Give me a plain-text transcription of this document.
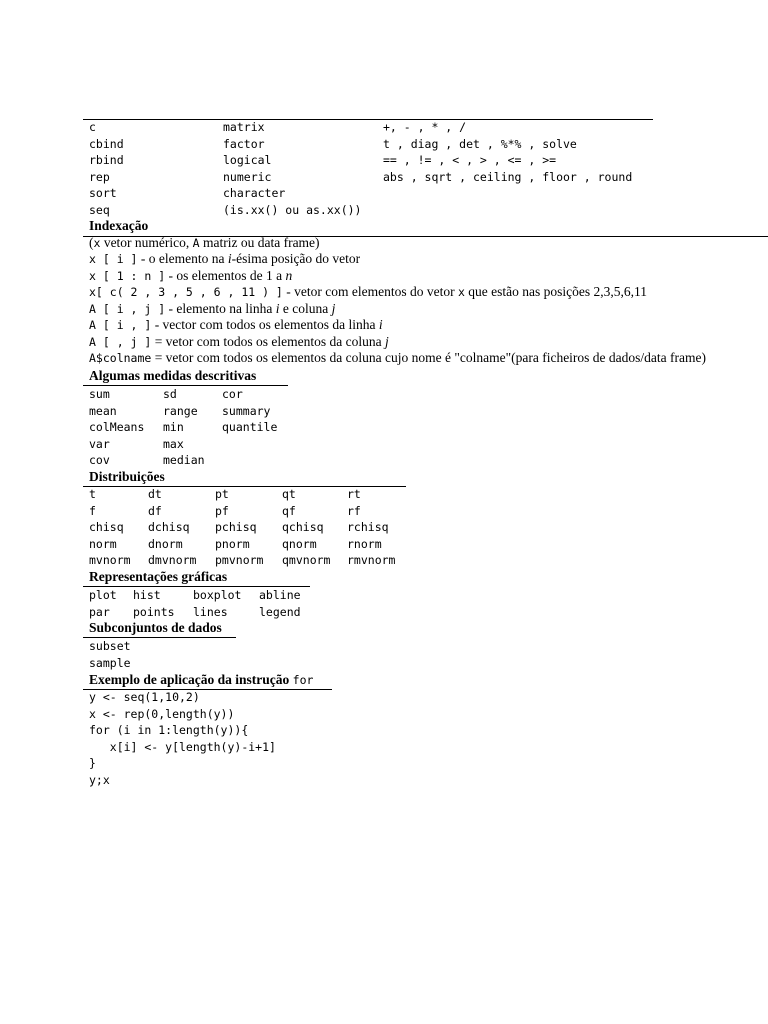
c	matrix	+, - , * , /
cbind	factor	t , diag , det , %*% , solve
rbind	logical	== , != , < , > , <= , >=
rep	numeric	abs , sqrt , ceiling , floor , round
sort	character
seq	(is.xx() ou as.xx())
Indexação
(x vetor numérico, A matriz ou data frame)
x [ i ] - o elemento na i-ésima posição do vetor
x [ 1 : n ] - os elementos de 1 a n
x[ c( 2 , 3 , 5 , 6 , 11 ) ] - vetor com elementos do vetor x que estão nas posições 2,3,5,6,11
A [ i , j ] - elemento na linha i e coluna j
A [ i , ] - vector com todos os elementos da linha i
A [ , j ] = vetor com todos os elementos da coluna j
A$colname = vetor com todos os elementos da coluna cujo nome é "colname"(para ficheiros de dados/data frame)
Algumas medidas descritivas
sum	sd	cor
mean	range summary
colMeans min	quantile
var	max
cov	median
Distribuições
t	dt	pt	qt	rt
f	df	pf	qf	rf
chisq dchisq pchisq qchisq rchisq
norm	dnorm	pnorm	qnorm	rnorm
mvnorm dmvnorm pmvnorm qmvnorm rmvnorm
Representações gráficas
plot hist	boxplot abline
par points lines	legend
Subconjuntos de dados
subset
sample
Exemplo de aplicação da instrução for
y <- seq(1,10,2)
x <- rep(0,length(y))
for (i in 1:length(y)){
x[i] <- y[length(y)-i+1]
}
y;x
